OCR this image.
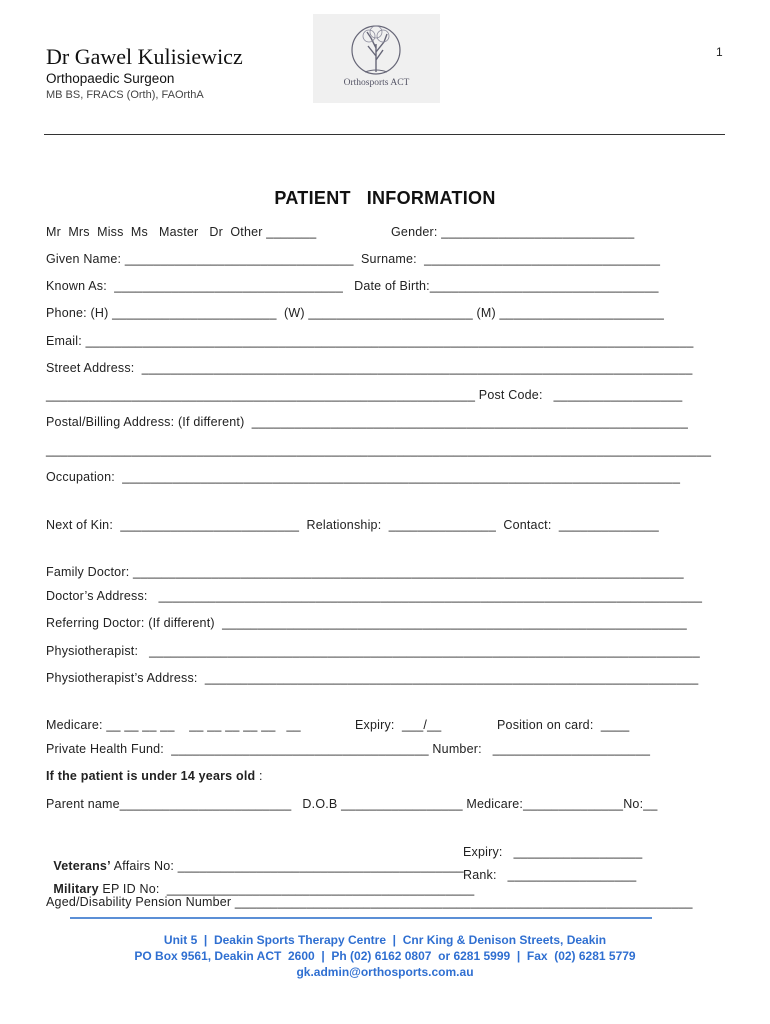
Dr Gawel Kulisiewicz
Orthopaedic Surgeon
MB BS, FRACS (Orth), FAOrthA
1
Orthosports ACT
PATIENT   INFORMATION
Mr  Mrs  Miss  Ms   Master   Dr  Other _______	Gender: ___________________________
Given Name: ________________________________  Surname:  _________________________________
Known As:  ________________________________   Date of Birth:________________________________
Phone: (H) _______________________  (W) _______________________ (M) _______________________
Email: _____________________________________________________________________________________
Street Address:  _____________________________________________________________________________
____________________________________________________________ Post Code:   __________________
Postal/Billing Address: (If different)  _____________________________________________________________
_____________________________________________________________________________________________
Occupation:  ______________________________________________________________________________
Next of Kin:  _________________________  Relationship:  _______________  Contact:  ______________
Family Doctor: _____________________________________________________________________________
Doctor’s Address:   ____________________________________________________________________________
Referring Doctor: (If different)  _________________________________________________________________
Physiotherapist:   _____________________________________________________________________________
Physiotherapist’s Address:  _____________________________________________________________________
Medicare: __ __ __ __    __ __ __ __ __   __	Expiry:  ___/__	Position on card:  ____
Private Health Fund:  ____________________________________ Number:   ______________________
If the patient is under 14 years old :
Parent name________________________   D.O.B _________________ Medicare:______________No:__

Veterans’ Affairs No: ________________________________________

Expiry:   __________________

Military EP ID No:  ___________________________________________

Rank:   __________________
Aged/Disability Pension Number ________________________________________________________________
Unit 5  |  Deakin Sports Therapy Centre  |  Cnr King & Denison Streets, Deakin
PO Box 9561, Deakin ACT  2600  |  Ph (02) 6162 0807  or 6281 5999  |  Fax  (02) 6281 5779
gk.admin@orthosports.com.au
